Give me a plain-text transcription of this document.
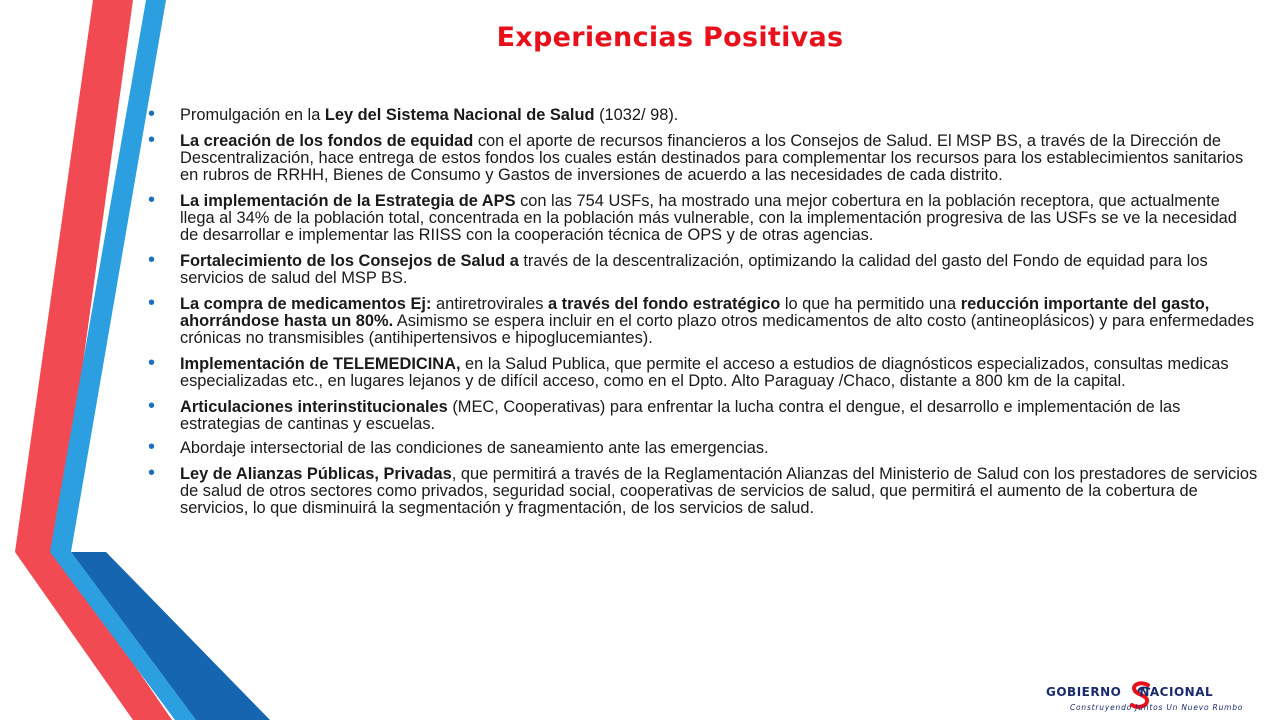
Experiencias Positivas
• Promulgación en la Ley del Sistema Nacional de Salud (1032/ 98).
• La creación de los fondos de equidad con el aporte de recursos financieros a los Consejos de Salud. El MSP BS, a través de la Dirección de Descentralización, hace entrega de estos fondos los cuales están destinados para complementar los recursos para los establecimientos sanitarios en rubros de RRHH, Bienes de Consumo y Gastos de inversiones de acuerdo a las necesidades de cada distrito.
• La implementación de la Estrategia de APS con las 754 USFs, ha mostrado una mejor cobertura en la población receptora, que actualmente llega al 34% de la población total, concentrada en la población más vulnerable, con la implementación progresiva de las USFs se ve la necesidad de desarrollar e implementar las RIISS con la cooperación técnica de OPS y de otras agencias.
• Fortalecimiento de los Consejos de Salud a través de la descentralización, optimizando la calidad del gasto del Fondo de equidad para los servicios de salud del MSP BS.
• La compra de medicamentos Ej: antiretrovirales a través del fondo estratégico lo que ha permitido una reducción importante del gasto, ahorrándose hasta un 80%. Asimismo se espera incluir en el corto plazo otros medicamentos de alto costo (antineoplásicos) y para enfermedades crónicas no transmisibles (antihipertensivos e hipoglucemiantes).
• Implementación de TELEMEDICINA, en la Salud Publica, que permite el acceso a estudios de diagnósticos especializados, consultas medicas especializadas etc., en lugares lejanos y de difícil acceso, como en el Dpto. Alto Paraguay /Chaco, distante a 800 km de la capital.
• Articulaciones interinstitucionales (MEC, Cooperativas) para enfrentar la lucha contra el dengue, el desarrollo e implementación de las estrategias de cantinas y escuelas.
• Abordaje intersectorial de las condiciones de saneamiento ante las emergencias.
• Ley de Alianzas Públicas, Privadas, que permitirá a través de la Reglamentación Alianzas del Ministerio de Salud con los prestadores de servicios de salud de otros sectores como privados, seguridad social, cooperativas de servicios de salud, que permitirá el aumento de la cobertura de servicios, lo que disminuirá la segmentación y fragmentación, de los servicios de salud.
GOBIERNO NACIONAL
Construyendo Juntos Un Nuevo Rumbo
